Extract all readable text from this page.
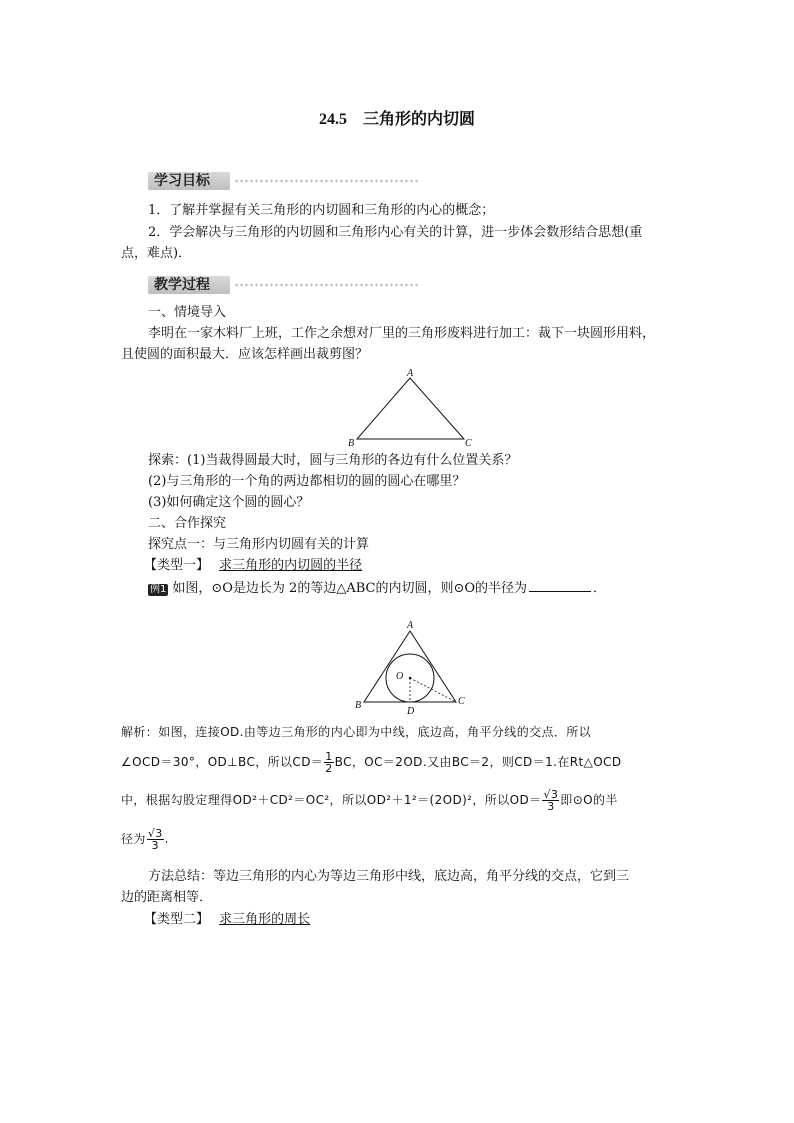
24.5 三角形的内切圆
学习目标
1．了解并掌握有关三角形的内切圆和三角形的内心的概念；
2．学会解决与三角形的内切圆和三角形内心有关的计算，进一步体会数形结合思想(重
点，难点)．
教学过程
一、情境导入
李明在一家木料厂上班，工作之余想对厂里的三角形废料进行加工：裁下一块圆形用料，
且使圆的面积最大．应该怎样画出裁剪图？
A
B	C
探索：(1)当裁得圆最大时，圆与三角形的各边有什么位置关系？
(2)与三角形的一个角的两边都相切的圆的圆心在哪里？
(3)如何确定这个圆的圆心？
二、合作探究
探究点一：与三角形内切圆有关的计算
【类型一】 求三角形的内切圆的半径
例1 如图，⊙O是边长为 2的等边△ABC的内切圆，则⊙O的半径为	．
A
B	C
D
O
解析：如图，连接OD.由等边三角形的内心即为中线，底边高，角平分线的交点．所以
∠OCD＝30°，OD⊥BC，所以$CD= \frac{1}{2}$ BC，OC＝2OD.又由BC＝2，则CD＝1.在Rt△OCD
中，根据勾股定理得OD²＋CD²＝OC²，所以OD²＋1²＝(2OD)²，所以$OD= \frac{√3}{3}$ 即⊙O的半
径为 $\frac{√3}{3}$ .
方法总结：等边三角形的内心为等边三角形中线，底边高，角平分线的交点，它到三
边的距离相等．
【类型二】 求三角形的周长
